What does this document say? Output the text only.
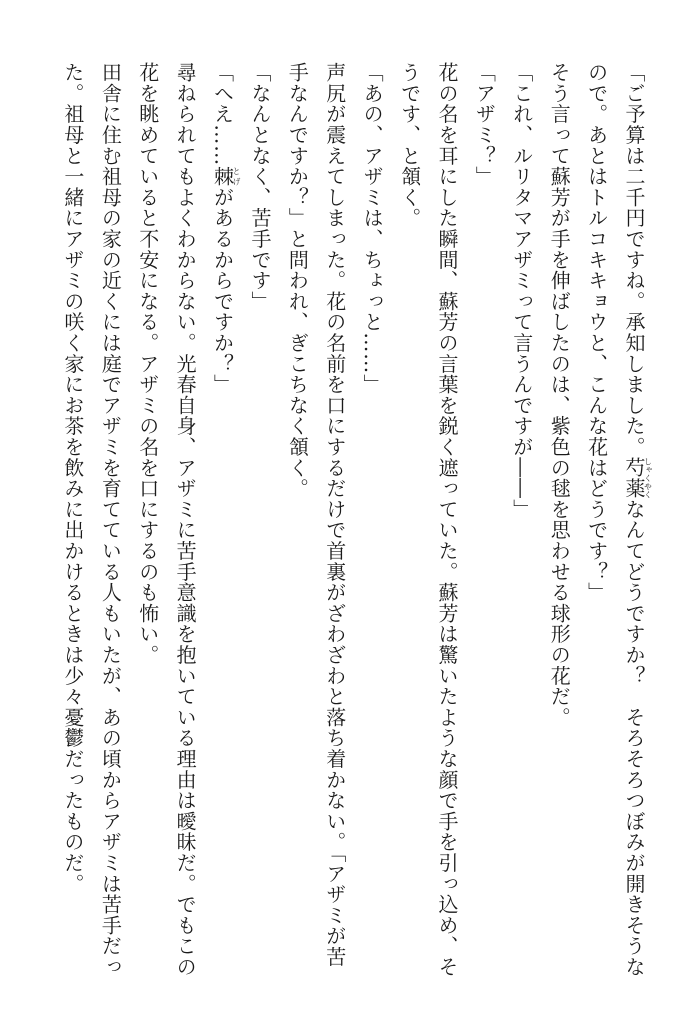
「ご予算は二千円ですね。承知しました。芍薬しゃくやくなんてどうですか？　そろそろつぼみが開きそうなので。あとはトルコキキョウと、こんな花はどうです？」

そう言って蘇芳が手を伸ばしたのは、紫色の毬を思わせる球形の花だ。

「これ、ルリタマアザミって言うんですが――」

「アザミ？」

花の名を耳にした瞬間、蘇芳の言葉を鋭く遮っていた。蘇芳は驚いたような顔で手を引っ込め、そうです、と頷く。

「あの、アザミは、ちょっと……」

声尻が震えてしまった。花の名前を口にするだけで首裏がざわざわと落ち着かない。「アザミが苦手なんですか？」と問われ、ぎこちなく頷く。

「なんとなく、苦手です」

「へえ……棘とげがあるからですか？」

尋ねられてもよくわからない。光春自身、アザミに苦手意識を抱いている理由は曖昧だ。でもこの花を眺めていると不安になる。アザミの名を口にするのも怖い。

田舎に住む祖母の家の近くには庭でアザミを育てている人もいたが、あの頃からアザミは苦手だった。祖母と一緒にアザミの咲く家にお茶を飲みに出かけるときは少々憂鬱だったものだ。
